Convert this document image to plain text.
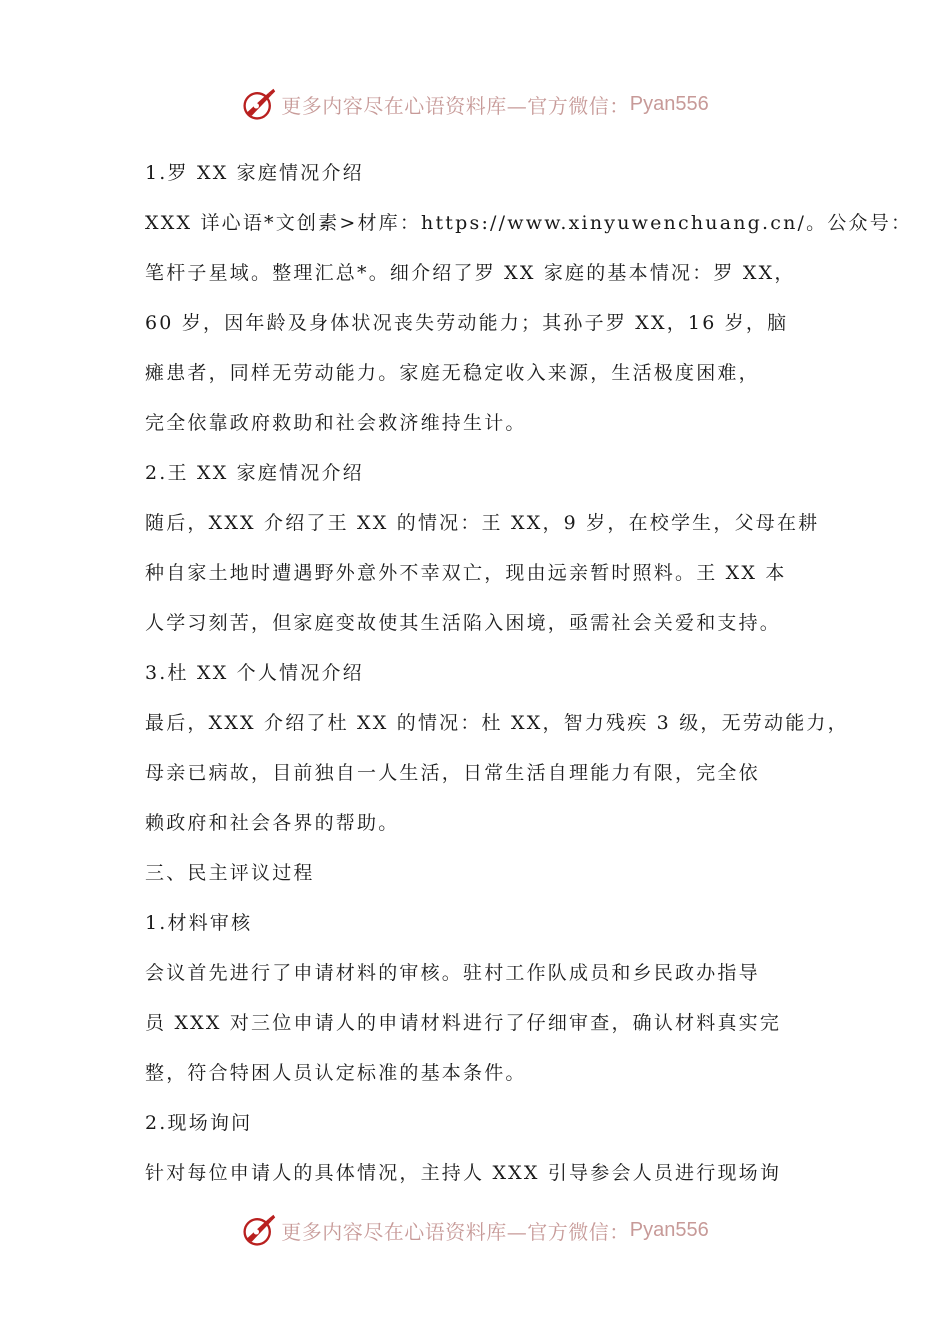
更多内容尽在心语资料库—官方微信： Pyan556
1.罗 XX 家庭情况介绍
XXX 详心语*文创素>材库：https://www.xinyuwenchuang.cn/。公众号：
笔杆子星域。整理汇总*。细介绍了罗 XX 家庭的基本情况：罗 XX，
60 岁，因年龄及身体状况丧失劳动能力；其孙子罗 XX，16 岁，脑
瘫患者，同样无劳动能力。家庭无稳定收入来源，生活极度困难，
完全依靠政府救助和社会救济维持生计。
2.王 XX 家庭情况介绍
随后，XXX 介绍了王 XX 的情况：王 XX，9 岁，在校学生，父母在耕
种自家土地时遭遇野外意外不幸双亡，现由远亲暂时照料。王 XX 本
人学习刻苦，但家庭变故使其生活陷入困境，亟需社会关爱和支持。
3.杜 XX 个人情况介绍
最后，XXX 介绍了杜 XX 的情况：杜 XX，智力残疾 3 级，无劳动能力，
母亲已病故，目前独自一人生活，日常生活自理能力有限，完全依
赖政府和社会各界的帮助。
三、民主评议过程
1.材料审核
会议首先进行了申请材料的审核。驻村工作队成员和乡民政办指导
员 XXX 对三位申请人的申请材料进行了仔细审查，确认材料真实完
整，符合特困人员认定标准的基本条件。
2.现场询问
针对每位申请人的具体情况，主持人 XXX 引导参会人员进行现场询
更多内容尽在心语资料库—官方微信： Pyan556
